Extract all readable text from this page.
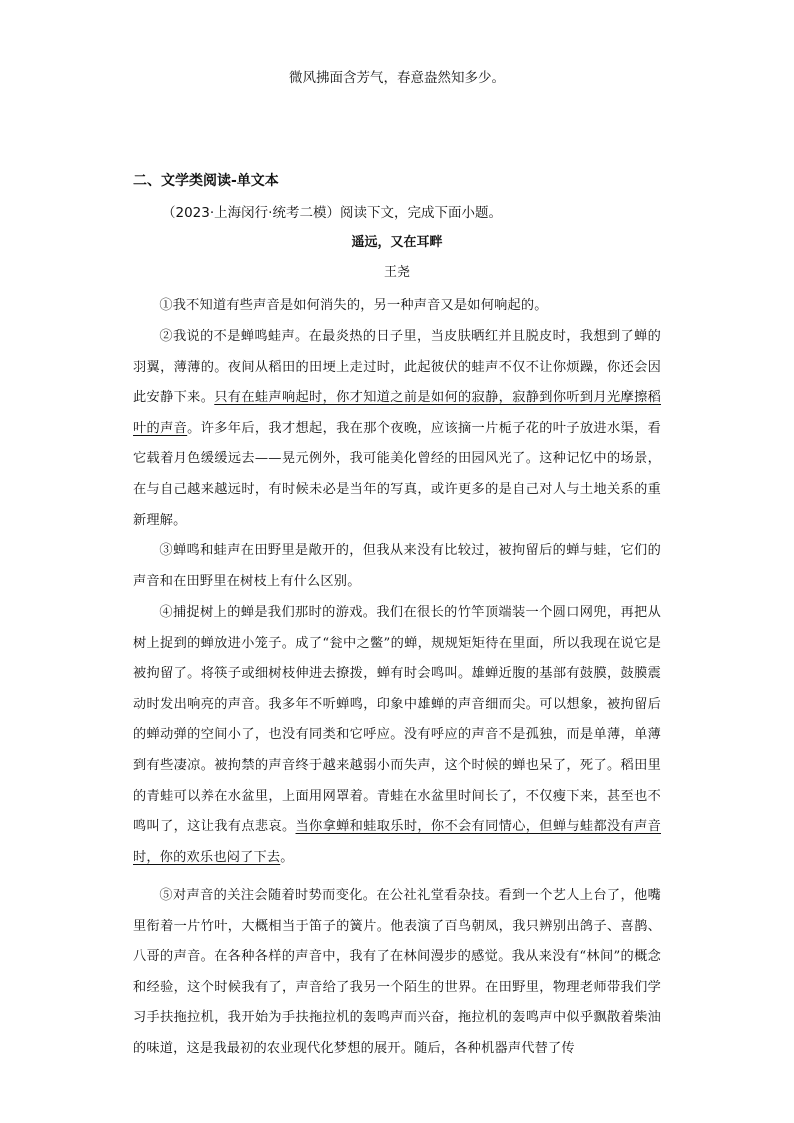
微风拂面含芳气，春意盎然知多少。
二、文学类阅读-单文本
（2023·上海闵行·统考二模）阅读下文，完成下面小题。
遥远，又在耳畔
王尧
①我不知道有些声音是如何消失的，另一种声音又是如何响起的。
②我说的不是蝉鸣蛙声。在最炎热的日子里，当皮肤晒红并且脱皮时，我想到了蝉的羽翼，薄薄的。夜间从稻田的田埂上走过时，此起彼伏的蛙声不仅不让你烦躁，你还会因此安静下来。只有在蛙声响起时，你才知道之前是如何的寂静，寂静到你听到月光摩擦稻叶的声音。许多年后，我才想起，我在那个夜晚，应该摘一片栀子花的叶子放进水渠，看它载着月色缓缓远去——晃元例外，我可能美化曾经的田园风光了。这种记忆中的场景，在与自己越来越远时，有时候未必是当年的写真，或许更多的是自己对人与土地关系的重新理解。
③蝉鸣和蛙声在田野里是敞开的，但我从来没有比较过，被拘留后的蝉与蛙，它们的声音和在田野里在树枝上有什么区别。
④捕捉树上的蝉是我们那时的游戏。我们在很长的竹竿顶端装一个圆口网兜，再把从树上捉到的蝉放进小笼子。成了“瓮中之鳖”的蝉，规规矩矩待在里面，所以我现在说它是被拘留了。将筷子或细树枝伸进去撩拨，蝉有时会鸣叫。雄蝉近腹的基部有鼓膜，鼓膜震动时发出响亮的声音。我多年不听蝉鸣，印象中雄蝉的声音细而尖。可以想象，被拘留后的蝉动弹的空间小了，也没有同类和它呼应。没有呼应的声音不是孤独，而是单薄，单薄到有些凄凉。被拘禁的声音终于越来越弱小而失声，这个时候的蝉也呆了，死了。稻田里的青蛙可以养在水盆里，上面用网罩着。青蛙在水盆里时间长了，不仅瘦下来，甚至也不鸣叫了，这让我有点悲哀。当你拿蝉和蛙取乐时，你不会有同情心，但蝉与蛙都没有声音时，你的欢乐也闷了下去。
⑤对声音的关注会随着时势而变化。在公社礼堂看杂技。看到一个艺人上台了，他嘴里衔着一片竹叶，大概相当于笛子的簧片。他表演了百鸟朝凤，我只辨别出鸽子、喜鹊、八哥的声音。在各种各样的声音中，我有了在林间漫步的感觉。我从来没有“林间”的概念和经验，这个时候我有了，声音给了我另一个陌生的世界。在田野里，物理老师带我们学习手扶拖拉机，我开始为手扶拖拉机的轰鸣声而兴奋，拖拉机的轰鸣声中似乎飘散着柴油的味道，这是我最初的农业现代化梦想的展开。随后，各种机器声代替了传
